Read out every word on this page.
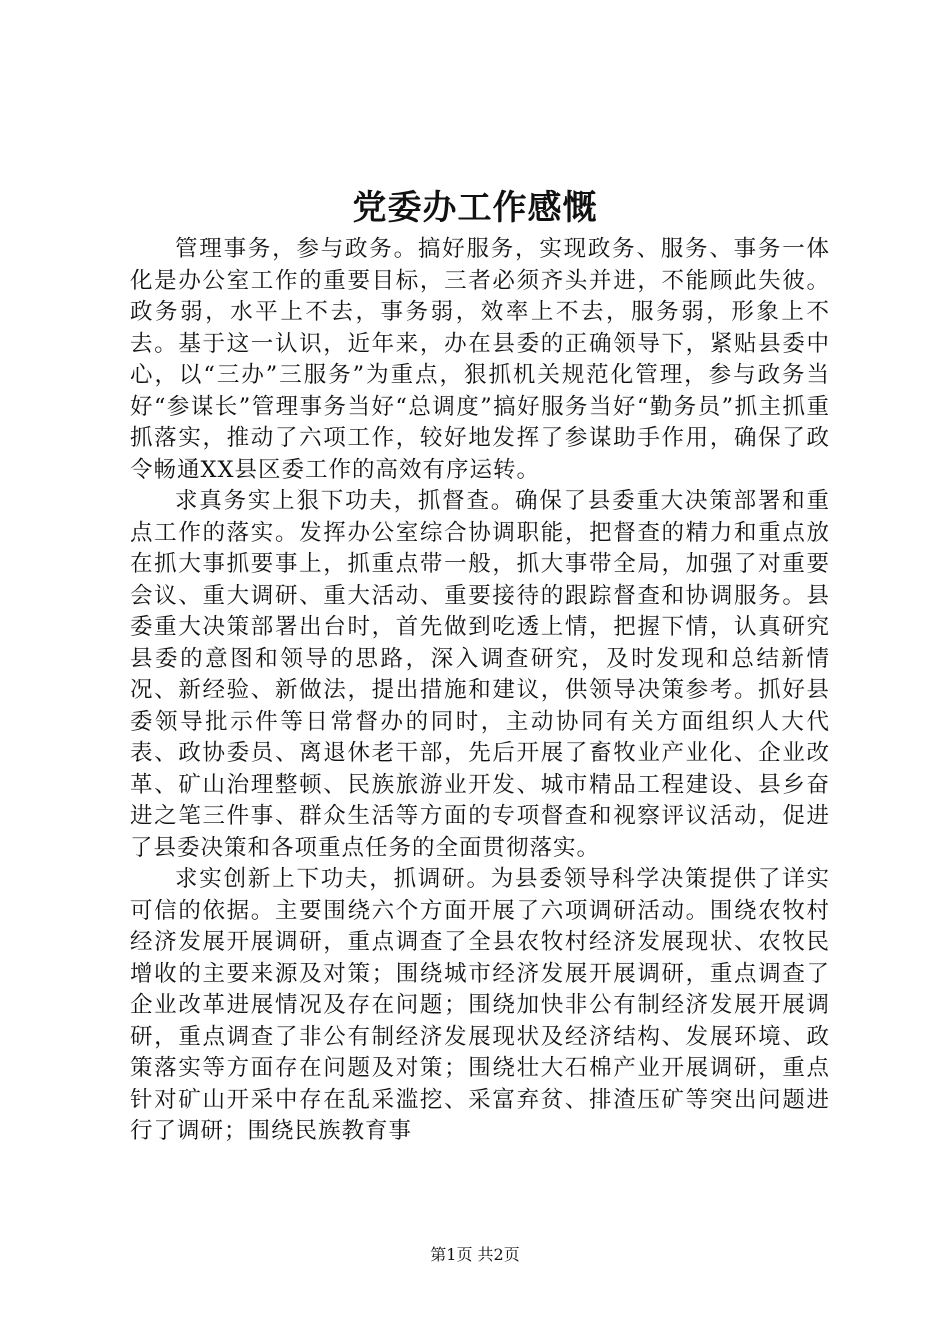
党委办工作感慨

管理事务，参与政务。搞好服务，实现政务、服务、事务一体化是办公室工作的重要目标，三者必须齐头并进，不能顾此失彼。政务弱，水平上不去，事务弱，效率上不去，服务弱，形象上不去。基于这一认识，近年来，办在县委的正确领导下，紧贴县委中心，以“三办”三服务”为重点，狠抓机关规范化管理，参与政务当好“参谋长”管理事务当好“总调度”搞好服务当好“勤务员”抓主抓重抓落实，推动了六项工作，较好地发挥了参谋助手作用，确保了政令畅通XX县区委工作的高效有序运转。

求真务实上狠下功夫，抓督查。确保了县委重大决策部署和重点工作的落实。发挥办公室综合协调职能，把督查的精力和重点放在抓大事抓要事上，抓重点带一般，抓大事带全局，加强了对重要会议、重大调研、重大活动、重要接待的跟踪督查和协调服务。县委重大决策部署出台时，首先做到吃透上情，把握下情，认真研究县委的意图和领导的思路，深入调查研究，及时发现和总结新情况、新经验、新做法，提出措施和建议，供领导决策参考。抓好县委领导批示件等日常督办的同时，主动协同有关方面组织人大代表、政协委员、离退休老干部，先后开展了畜牧业产业化、企业改革、矿山治理整顿、民族旅游业开发、城市精品工程建设、县乡奋进之笔三件事、群众生活等方面的专项督查和视察评议活动，促进了县委决策和各项重点任务的全面贯彻落实。

求实创新上下功夫，抓调研。为县委领导科学决策提供了详实可信的依据。主要围绕六个方面开展了六项调研活动。围绕农牧村经济发展开展调研，重点调查了全县农牧村经济发展现状、农牧民增收的主要来源及对策；围绕城市经济发展开展调研，重点调查了企业改革进展情况及存在问题；围绕加快非公有制经济发展开展调研，重点调查了非公有制经济发展现状及经济结构、发展环境、政策落实等方面存在问题及对策；围绕壮大石棉产业开展调研，重点针对矿山开采中存在乱采滥挖、采富弃贫、排渣压矿等突出问题进行了调研；围绕民族教育事

第1页 共2页
